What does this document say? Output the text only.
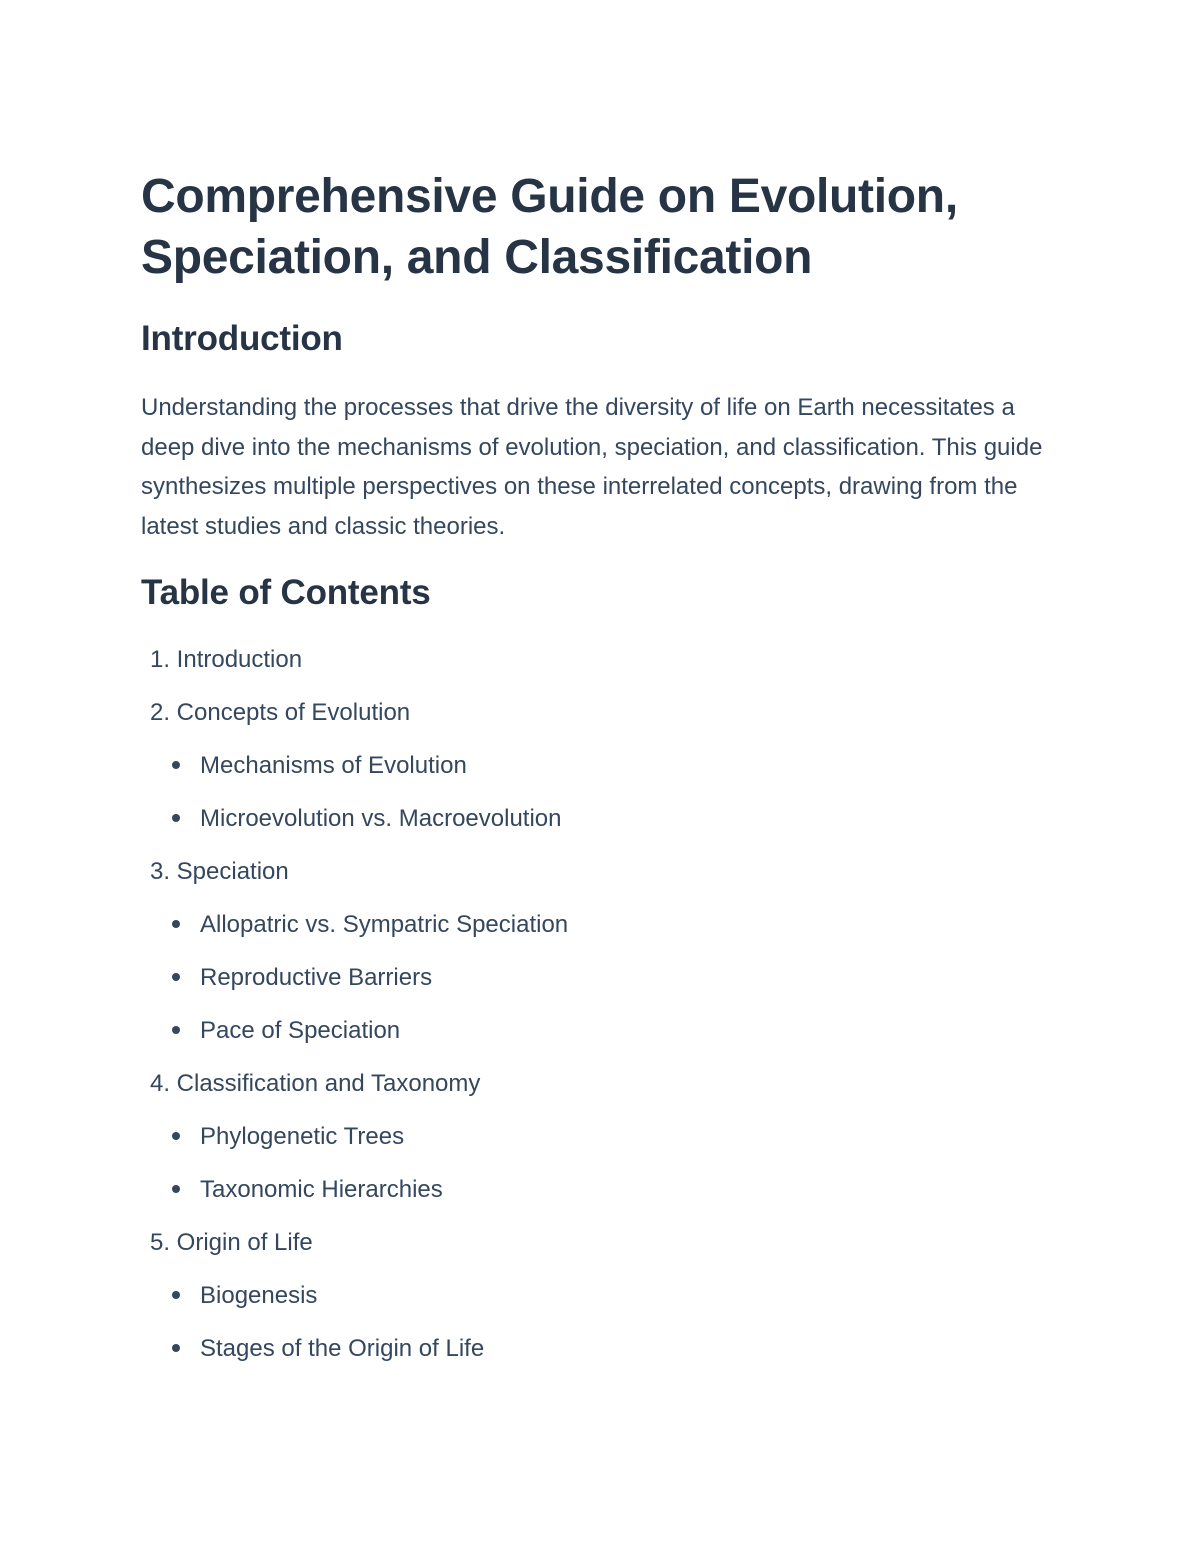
Comprehensive Guide on Evolution, Speciation, and Classification
Introduction

Understanding the processes that drive the diversity of life on Earth necessitates a deep dive into the mechanisms of evolution, speciation, and classification. This guide synthesizes multiple perspectives on these interrelated concepts, drawing from the latest studies and classic theories.

Table of Contents
1. Introduction
2. Concepts of Evolution
Mechanisms of Evolution
Microevolution vs. Macroevolution
3. Speciation
Allopatric vs. Sympatric Speciation
Reproductive Barriers
Pace of Speciation
4. Classification and Taxonomy
Phylogenetic Trees
Taxonomic Hierarchies
5. Origin of Life
Biogenesis
Stages of the Origin of Life
